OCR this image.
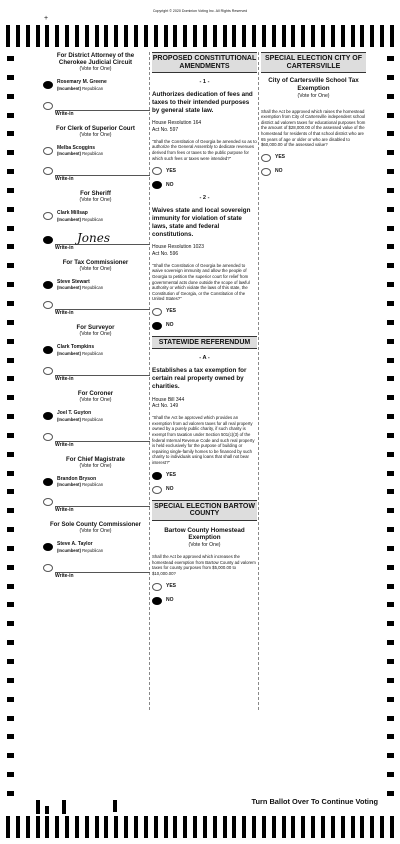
Copyright © 2020 Dominion Voting Inc. All Rights Reserved
+
For District Attorney of the Cherokee Judicial Circuit
(Vote for One)
Rosemary M. Greene
(Incumbent) Republican
Write-in
For Clerk of Superior Court
(Vote for One)
Melba Scoggins
(Incumbent) Republican
Write-in
For Sheriff
(Vote for One)
Clark Millsap
(Incumbent) Republican
Jones
Write-in
For Tax Commissioner
(Vote for One)
Steve Stewart
(Incumbent) Republican
Write-in
For Surveyor
(Vote for One)
Clark Tompkins
(Incumbent) Republican
Write-in
For Coroner
(Vote for One)
Joel T. Guyton
(Incumbent) Republican
Write-in
For Chief Magistrate
(Vote for One)
Brandon Bryson
(Incumbent) Republican
Write-in
For Sole County Commissioner
(Vote for One)
Steve A. Taylor
(Incumbent) Republican
Write-in
PROPOSED CONSTITUTIONAL AMENDMENTS
- 1 -
Authorizes dedication of fees and taxes to their intended purposes by general state law.
House Resolution 164
Act No. 597
"Shall the Constitution of Georgia be amended so as to authorize the General Assembly to dedicate revenues derived from fees or taxes to the public purpose for which such fees or taxes were intended?"
YES
NO
- 2 -
Waives state and local sovereign immunity for violation of state laws, state and federal constitutions.
House Resolution 1023
Act No. 596
"Shall the Constitution of Georgia be amended to waive sovereign immunity and allow the people of Georgia to petition the superior court for relief from governmental acts done outside the scope of lawful authority or which violate the laws of this state, the Constitution of Georgia, or the Constitution of the United States?"
YES
NO
STATEWIDE REFERENDUM
- A -
Establishes a tax exemption for certain real property owned by charities.
House Bill 344
Act No. 149
"Shall the Act be approved which provides an exemption from ad valorem taxes for all real property owned by a purely public charity, if such charity is exempt from taxation under Section 501(c)(3) of the federal Internal Revenue Code and such real property is held exclusively for the purpose of building or repairing single-family homes to be financed by such charity to individuals using loans that shall not bear interest?"
YES
NO
SPECIAL ELECTION BARTOW COUNTY
Bartow County Homestead Exemption
(Vote for One)
Shall the Act be approved which increases the homestead exemption from Bartow County ad valorem taxes for county purposes from $5,000.00 to $10,000.00?
YES
NO
SPECIAL ELECTION CITY OF CARTERSVILLE
City of Cartersville School Tax Exemption
(Vote for One)
Shall the Act be approved which raises the homestead exemption from City of Cartersville independent school district ad valorem taxes for educational purposes from the amount of $28,000.00 of the assessed value of the homestead for residents of that school district who are 65 years of age or older or who are disabled to $60,000.00 of the assessed value?
YES
NO
Turn Ballot Over To Continue Voting
